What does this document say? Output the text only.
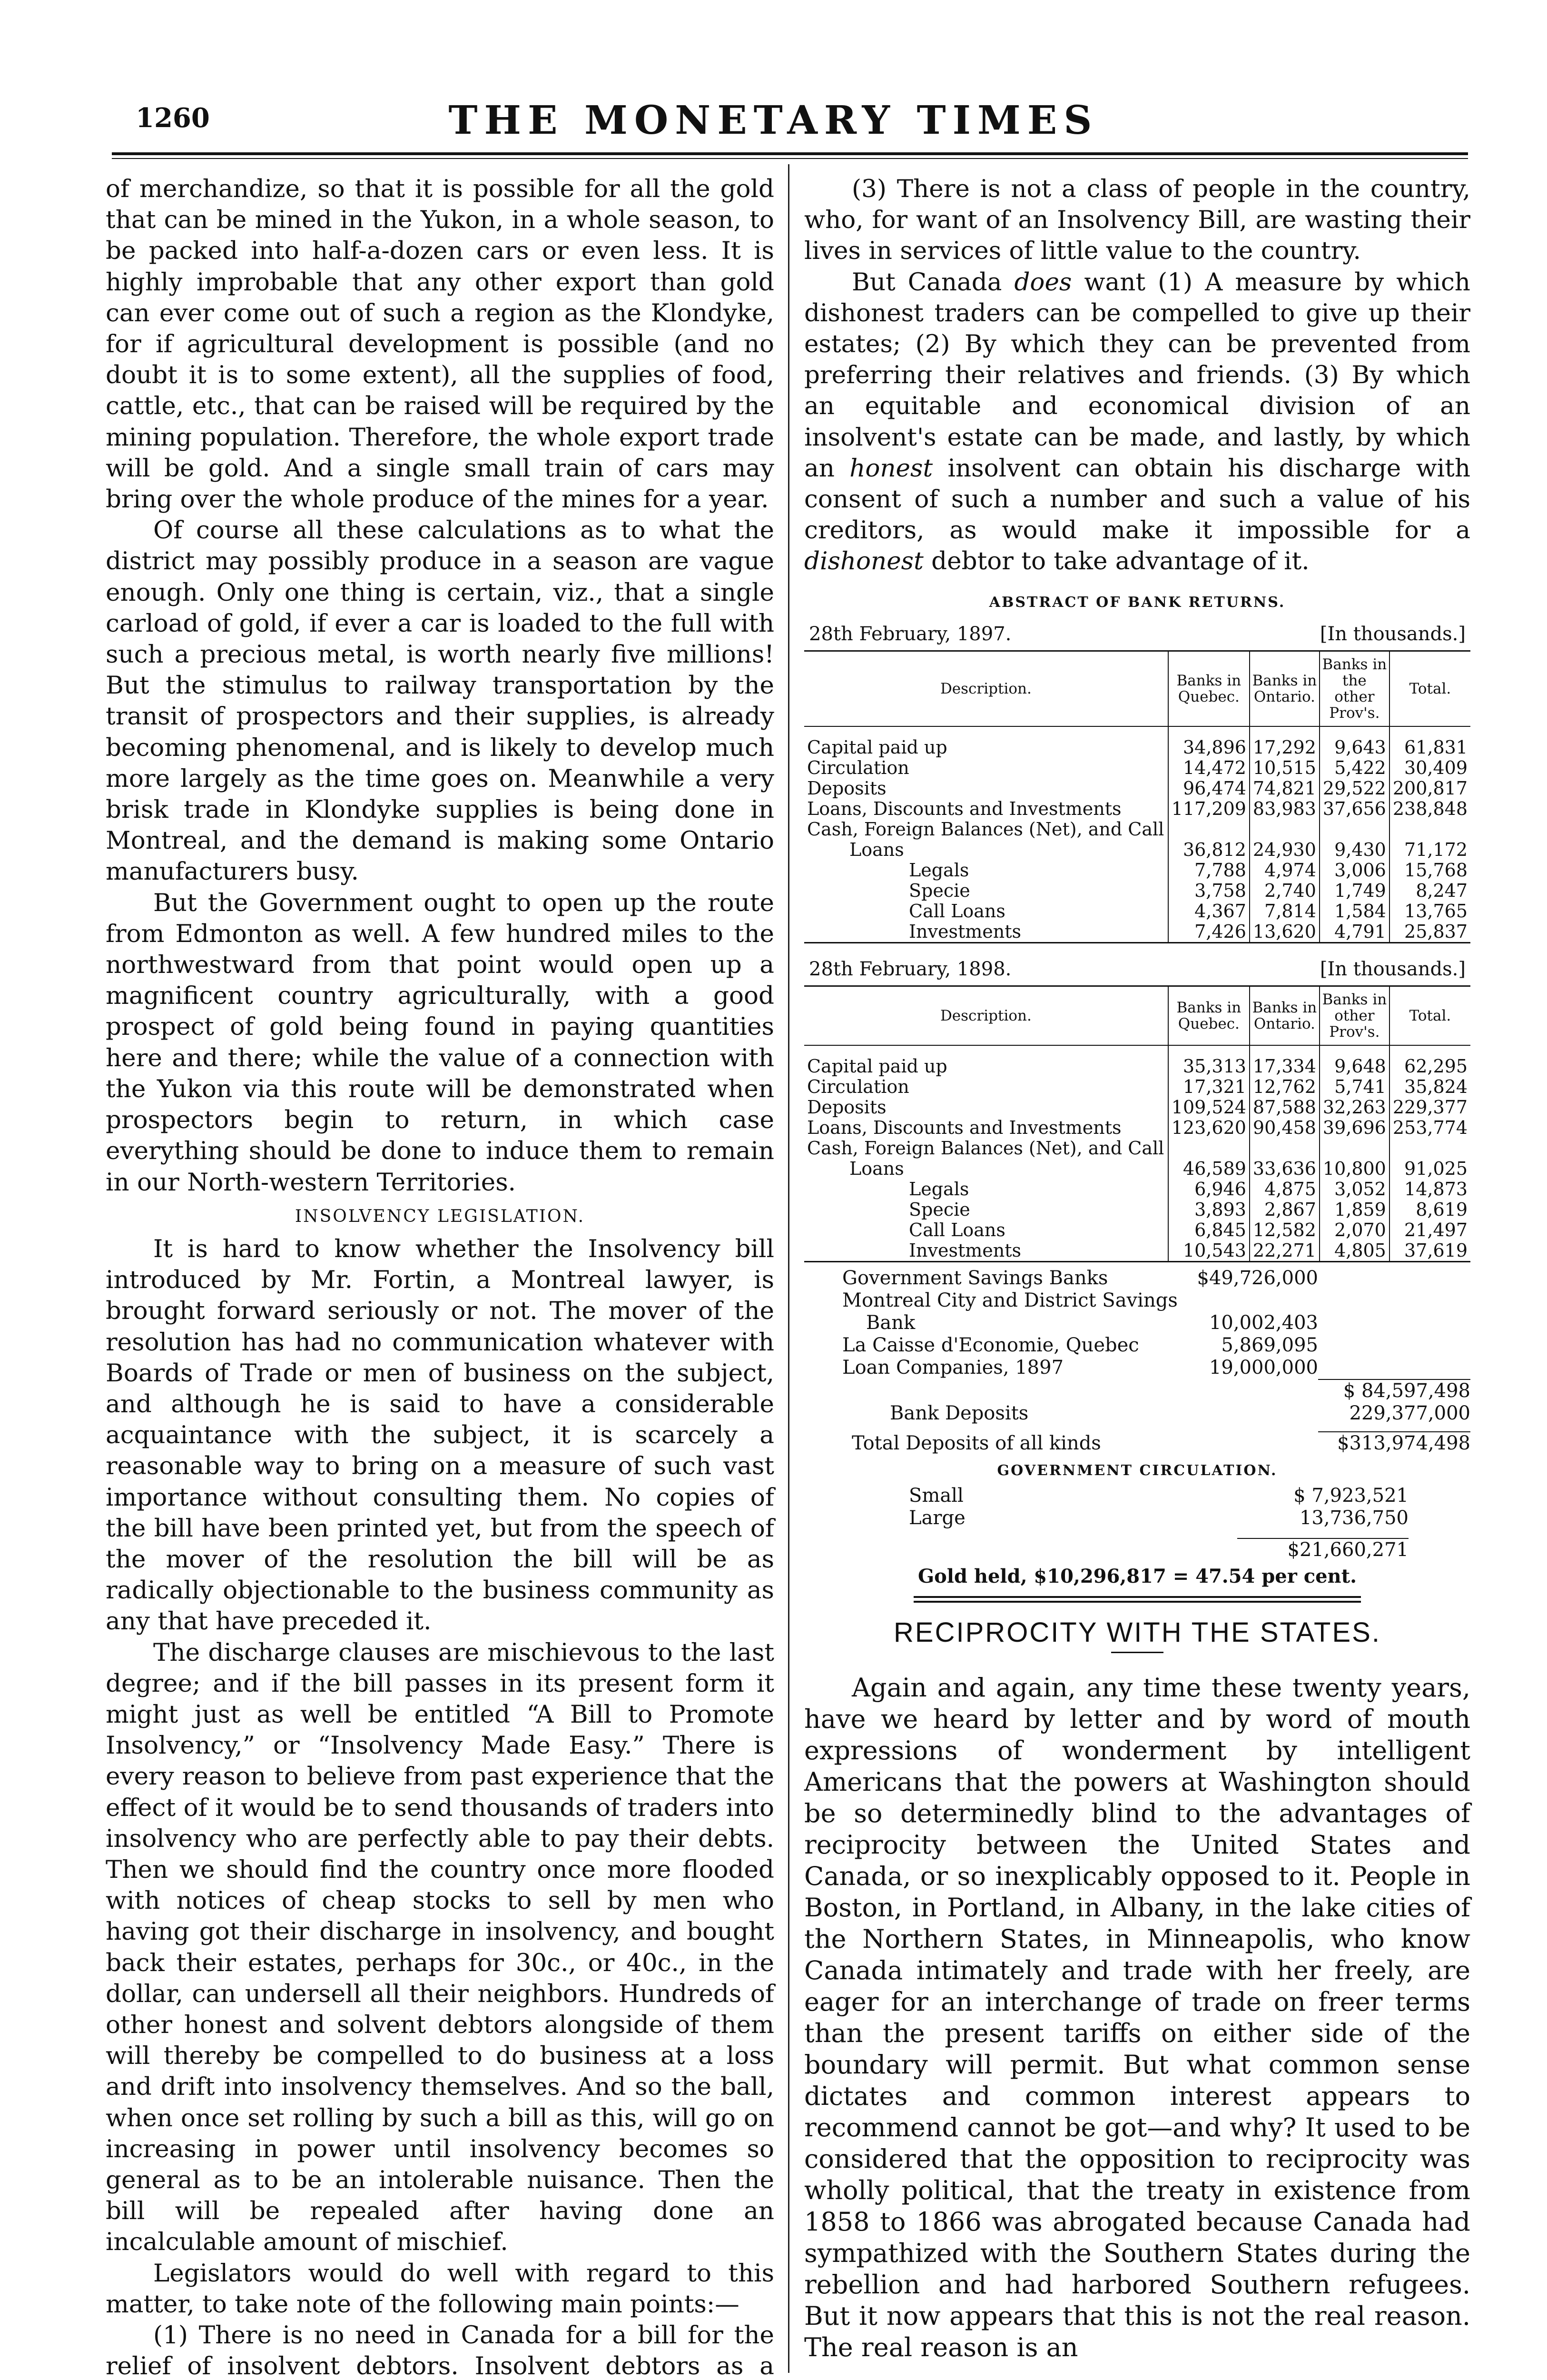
1260	THE MONETARY TIMES

of merchandize, so that it is possible for all the gold that can be mined in the Yukon, in a whole season, to be packed into half-a-dozen cars or even less. It is highly improbable that any other export than gold can ever come out of such a region as the Klondyke, for if agricultural development is possible (and no doubt it is to some extent), all the supplies of food, cattle, etc., that can be raised will be required by the mining population. Therefore, the whole export trade will be gold. And a single small train of cars may bring over the whole produce of the mines for a year.

Of course all these calculations as to what the district may possibly produce in a season are vague enough. Only one thing is certain, viz., that a single carload of gold, if ever a car is loaded to the full with such a precious metal, is worth nearly five millions! But the stimulus to railway transportation by the transit of prospectors and their supplies, is already becoming phenomenal, and is likely to develop much more largely as the time goes on. Meanwhile a very brisk trade in Klondyke supplies is being done in Montreal, and the demand is making some Ontario manufacturers busy.

But the Government ought to open up the route from Edmonton as well. A few hundred miles to the northwestward from that point would open up a magnificent country agriculturally, with a good prospect of gold being found in paying quantities here and there; while the value of a connection with the Yukon via this route will be demonstrated when prospectors begin to return, in which case everything should be done to induce them to remain in our North-western Territories.

INSOLVENCY LEGISLATION.

It is hard to know whether the Insolvency bill introduced by Mr. Fortin, a Montreal lawyer, is brought forward seriously or not. The mover of the resolution has had no communication whatever with Boards of Trade or men of business on the subject, and although he is said to have a considerable acquaintance with the subject, it is scarcely a reasonable way to bring on a measure of such vast importance without consulting them. No copies of the bill have been printed yet, but from the speech of the mover of the resolution the bill will be as radically objectionable to the business community as any that have preceded it.

The discharge clauses are mischievous to the last degree; and if the bill passes in its present form it might just as well be entitled “A Bill to Promote Insolvency,” or “Insolvency Made Easy.” There is every reason to believe from past experience that the effect of it would be to send thousands of traders into insolvency who are perfectly able to pay their debts. Then we should find the country once more flooded with notices of cheap stocks to sell by men who having got their discharge in insolvency, and bought back their estates, perhaps for 30c., or 40c., in the dollar, can undersell all their neighbors. Hundreds of other honest and solvent debtors alongside of them will thereby be compelled to do business at a loss and drift into insolvency themselves. And so the ball, when once set rolling by such a bill as this, will go on increasing in power until insolvency becomes so general as to be an intolerable nuisance. Then the bill will be repealed after having done an incalculable amount of mischief.

Legislators would do well with regard to this matter, to take note of the following main points:—

(1) There is no need in Canada for a bill for the relief of insolvent debtors. Insolvent debtors as a

(3) There is not a class of people in the country, who, for want of an Insolvency Bill, are wasting their lives in services of little value to the country.

But Canada does want (1) A measure by which dishonest traders can be compelled to give up their estates; (2) By which they can be prevented from preferring their relatives and friends. (3) By which an equitable and economical division of an insolvent's estate can be made, and lastly, by which an honest insolvent can obtain his discharge with consent of such a number and such a value of his creditors, as would make it impossible for a dishonest debtor to take advantage of it.

ABSTRACT OF BANK RETURNS.
28th February, 1897.	[In thousands.]
Description.	Banks in Quebec.	Banks in Ontario.	Banks in the other Prov's.	Total.

Capital paid up	34,896	17,292	9,643	61,831
Circulation	14,472	10,515	5,422	30,409
Deposits	96,474	74,821	29,522	200,817
Loans, Discounts and Investments	117,209	83,983	37,656	238,848
Cash, Foreign Balances (Net), and Call				
Loans	36,812	24,930	9,430	71,172
Legals	7,788	4,974	3,006	15,768
Specie	3,758	2,740	1,749	8,247
Call Loans	4,367	7,814	1,584	13,765
Investments	7,426	13,620	4,791	25,837
28th February, 1898.	[In thousands.]
Description.	Banks in Quebec.	Banks in Ontario.	Banks in other Prov's.	Total.

Capital paid up	35,313	17,334	9,648	62,295
Circulation	17,321	12,762	5,741	35,824
Deposits	109,524	87,588	32,263	229,377
Loans, Discounts and Investments	123,620	90,458	39,696	253,774
Cash, Foreign Balances (Net), and Call				
Loans	46,589	33,636	10,800	91,025
Legals	6,946	4,875	3,052	14,873
Specie	3,893	2,867	1,859	8,619
Call Loans	6,845	12,582	2,070	21,497
Investments	10,543	22,271	4,805	37,619
Government Savings Banks	$49,726,000
Montreal City and District Savings
Bank	10,002,403
La Caisse d'Economie, Quebec	5,869,095
Loan Companies, 1897	19,000,000
$ 84,597,498
Bank Deposits	229,377,000
Total Deposits of all kinds	$313,974,498
GOVERNMENT CIRCULATION.
Small	$ 7,923,521
Large	13,736,750
$21,660,271
Gold held, $10,296,817 = 47.54 per cent.
RECIPROCITY WITH THE STATES.

Again and again, any time these twenty years, have we heard by letter and by word of mouth expressions of wonderment by intelligent Americans that the powers at Washington should be so determinedly blind to the advantages of reciprocity between the United States and Canada, or so inexplicably opposed to it. People in Boston, in Portland, in Albany, in the lake cities of the Northern States, in Minneapolis, who know Canada intimately and trade with her freely, are eager for an interchange of trade on freer terms than the present tariffs on either side of the boundary will permit. But what common sense dictates and common interest appears to recommend cannot be got—and why? It used to be considered that the opposition to reciprocity was wholly political, that the treaty in existence from 1858 to 1866 was abrogated because Canada had sympathized with the Southern States during the rebellion and had harbored Southern refugees. But it now appears that this is not the real reason. The real reason is an
